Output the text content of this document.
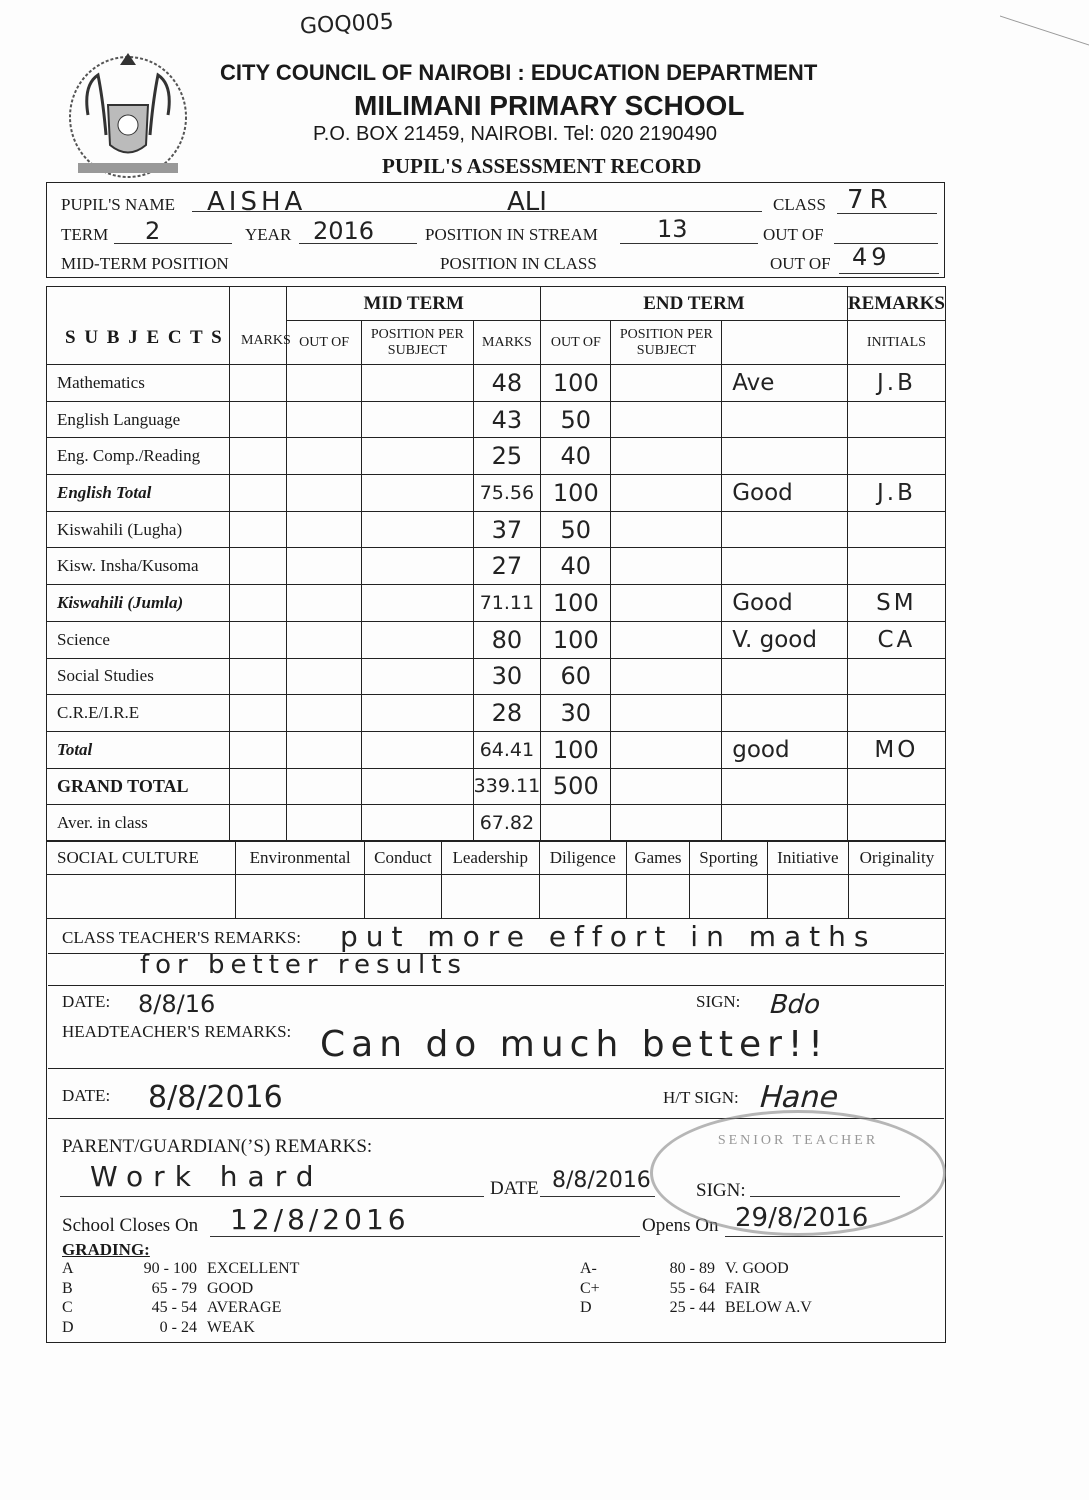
GOQ005
CITY COUNCIL OF NAIROBI : EDUCATION DEPARTMENT
MILIMANI PRIMARY SCHOOL
P.O. BOX 21459, NAIROBI. Tel: 020 2190490
PUPIL'S ASSESSMENT RECORD
PUPIL'S NAME AISHA	ALI	CLASS 7R
TERM 2	YEAR 2016	POSITION IN STREAM 13	OUT OF
MID-TERM POSITION	POSITION IN CLASS	OUT OF 49
S U B J E C T S		MID TERM			END TERM			REMARKS
		OUT OF	POSITION PER SUBJECT	MARKS	OUT OF	POSITION PER SUBJECT		INITIALS
Mathematics				48	100		Ave	J.B
English Language				43	50			
Eng. Comp./Reading				25	40			
English Total				75.56	100		Good	J.B
Kiswahili (Lugha)				37	50			
Kisw. Insha/Kusoma				27	40			
Kiswahili (Jumla)				71.11	100		Good	SM
Science				80	100		V. good	CA
Social Studies				30	60			
C.R.E/I.R.E				28	30			
Total				64.41	100		good	MO
GRAND TOTAL				339.11	500			
Aver. in class				67.82				
MARKS
SOCIAL CULTURE	Environmental	Conduct	Leadership	Diligence	Games	Sporting	Initiative	Originality

CLASS TEACHER'S REMARKS: put more effort in maths
for better results
DATE: 8/8/16	SIGN: Bdo
HEADTEACHER'S REMARKS: Can do much better!!
DATE: 8/8/2016	H/T SIGN: Hane
PARENT/GUARDIAN(’S) REMARKS:
Work hard	DATE 8/8/2016 SIGN:
School Closes On 12/8/2016	Opens On 29/8/2016
SENIOR TEACHER
GRADING:
A	90 - 100 EXCELLENT
B	65 - 79 GOOD
C	45 - 54 AVERAGE
D	0 - 24 WEAK
A-	80 - 89 V. GOOD
C+	55 - 64 FAIR
D	25 - 44 BELOW A.V
